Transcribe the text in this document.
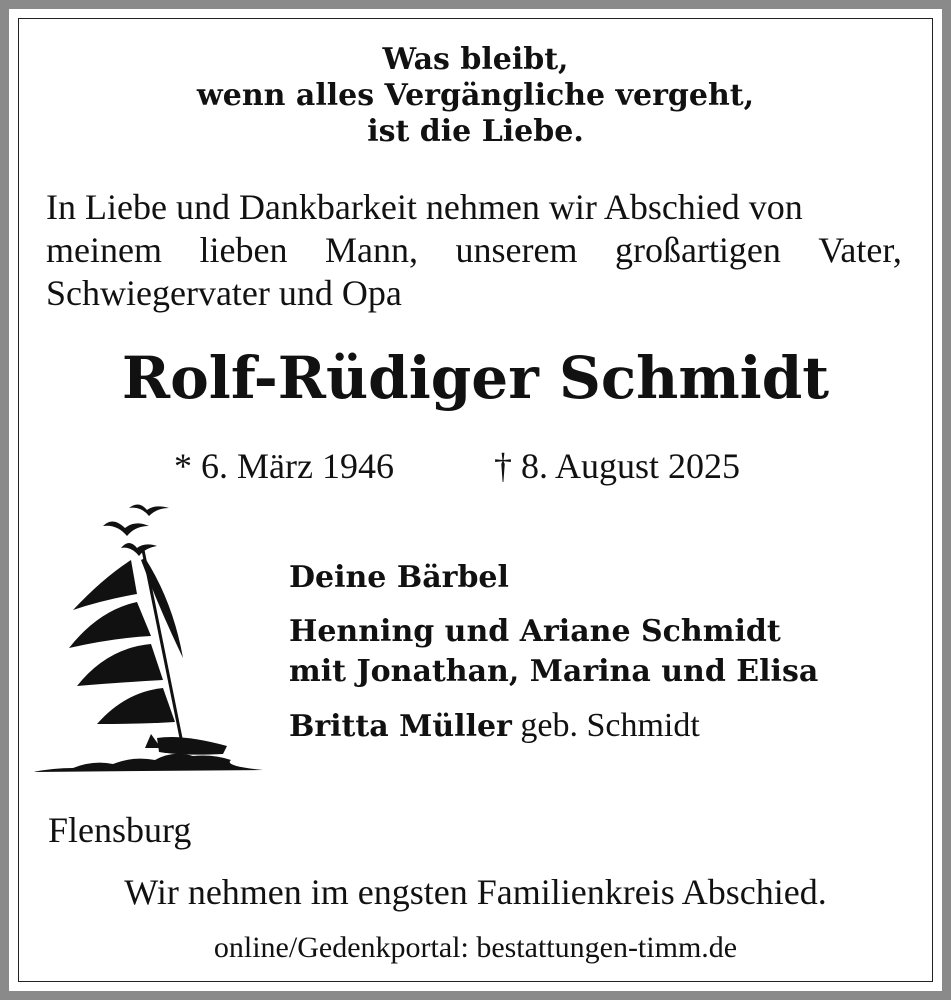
Was bleibt,
wenn alles Vergängliche vergeht,
ist die Liebe.
In Liebe und Dankbarkeit nehmen wir Abschied von
meinem lieben Mann, unserem großartigen Vater,
Schwiegervater und Opa
Rolf-Rüdiger Schmidt
* 6. März 1946	† 8. August 2025
Deine Bärbel
Henning und Ariane Schmidt
mit Jonathan, Marina und Elisa
Britta Müller geb. Schmidt
Flensburg
Wir nehmen im engsten Familienkreis Abschied.
online/Gedenkportal: bestattungen-timm.de
